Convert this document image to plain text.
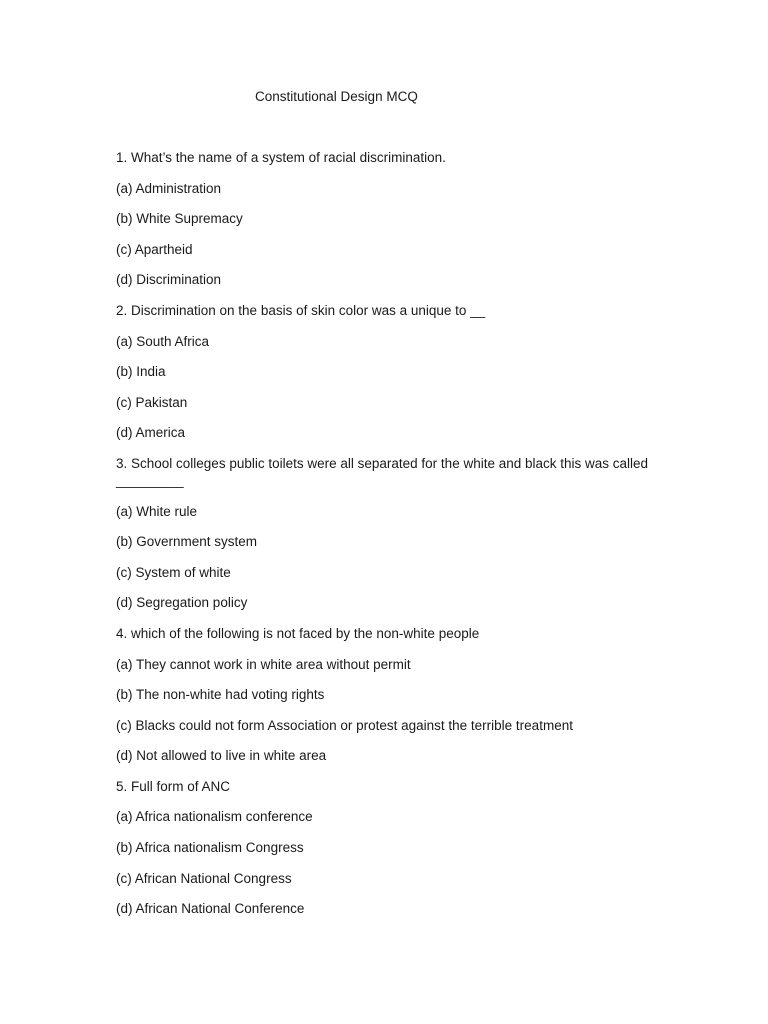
Constitutional Design MCQ
1. What’s the name of a system of racial discrimination.
(a) Administration
(b) White Supremacy
(c) Apartheid
(d) Discrimination
2. Discrimination on the basis of skin color was a unique to __
(a) South Africa
(b) India
(c) Pakistan
(d) America
3. School colleges public toilets were all separated for the white and black this was called _________
(a) White rule
(b) Government system
(c) System of white
(d) Segregation policy
4. which of the following is not faced by the non-white people
(a) They cannot work in white area without permit
(b) The non-white had voting rights
(c) Blacks could not form Association or protest against the terrible treatment
(d) Not allowed to live in white area
5. Full form of ANC
(a) Africa nationalism conference
(b) Africa nationalism Congress
(c) African National Congress
(d) African National Conference
